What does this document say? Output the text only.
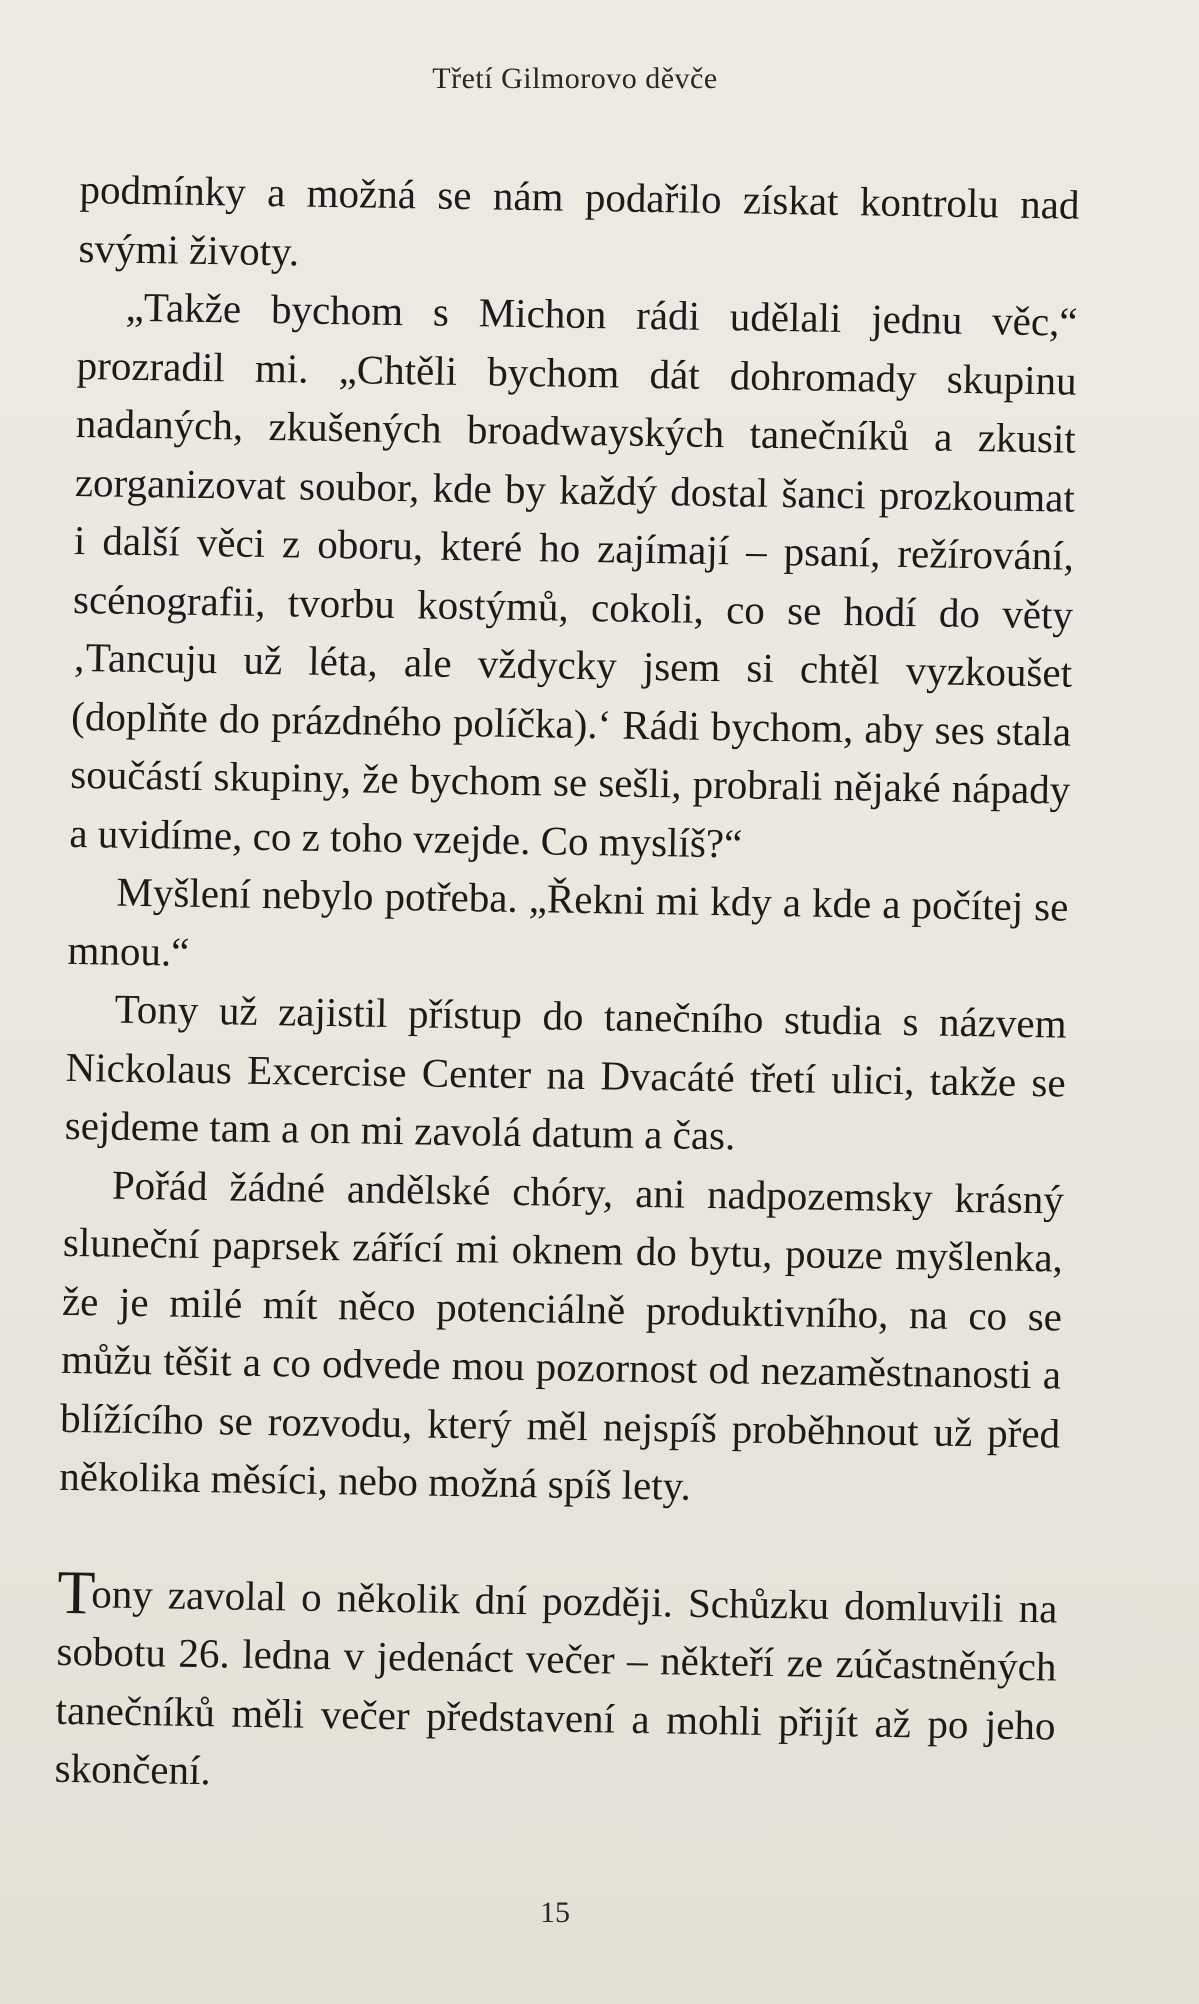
Třetí Gilmorovo děvče

podmínky a možná se nám podařilo získat kontrolu nad svými životy.

„Takže bychom s Michon rádi udělali jednu věc,“ prozradil mi. „Chtěli bychom dát dohromady skupinu nadaných, zkušených broadwayských tanečníků a zkusit zorganizovat soubor, kde by každý dostal šanci prozkoumat i další věci z oboru, které ho zajímají – psaní, režírování, scénografii, tvorbu kostýmů, cokoli, co se hodí do věty ‚Tancuju už léta, ale vždycky jsem si chtěl vyzkoušet (doplňte do prázdného políčka).‘ Rádi bychom, aby ses stala součástí skupiny, že bychom se sešli, probrali nějaké nápady a uvidíme, co z toho vzejde. Co myslíš?“

Myšlení nebylo potřeba. „Řekni mi kdy a kde a počítej se mnou.“

Tony už zajistil přístup do tanečního studia s názvem Nickolaus Excercise Center na Dvacáté třetí ulici, takže se sejdeme tam a on mi zavolá datum a čas.

Pořád žádné andělské chóry, ani nadpozemsky krásný sluneční paprsek zářící mi oknem do bytu, pouze myšlenka, že je milé mít něco potenciálně produktivního, na co se můžu těšit a co odvede mou pozornost od nezaměstnanosti a blížícího se rozvodu, který měl nejspíš proběhnout už před několika měsíci, nebo možná spíš lety.

Tony zavolal o několik dní později. Schůzku domluvili na sobotu 26. ledna v jedenáct večer – někteří ze zúčastněných tanečníků měli večer představení a mohli přijít až po jeho skončení.

15
